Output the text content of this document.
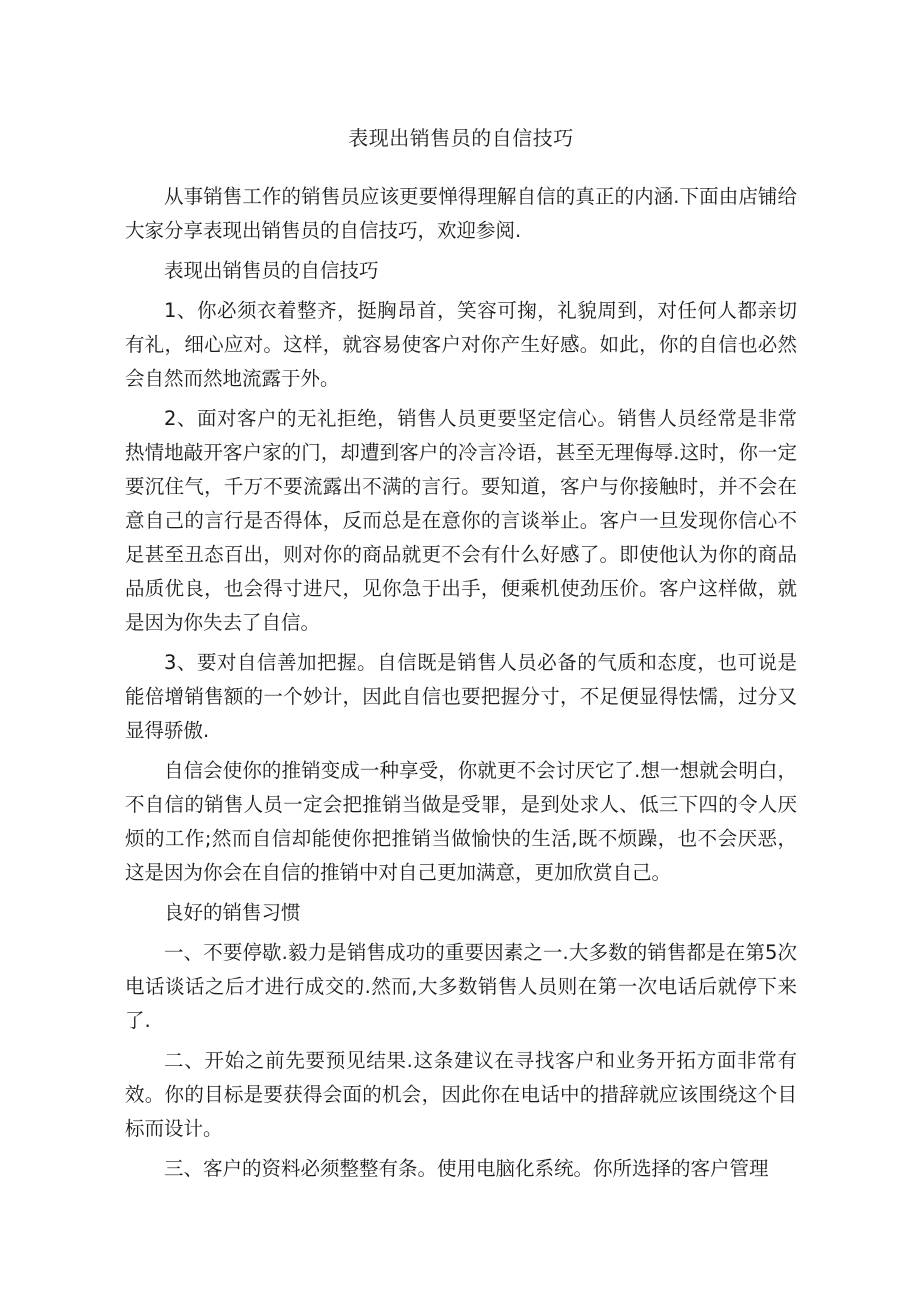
表现出销售员的自信技巧

从事销售工作的销售员应该更要惮得理解自信的真正的内涵.下面由店铺给大家分享表现出销售员的自信技巧，欢迎参阅.

表现出销售员的自信技巧

1、你必须衣着整齐，挺胸昂首，笑容可掬，礼貌周到，对任何人都亲切有礼，细心应对。这样，就容易使客户对你产生好感。如此，你的自信也必然会自然而然地流露于外。

2、面对客户的无礼拒绝，销售人员更要坚定信心。销售人员经常是非常热情地敲开客户家的门，却遭到客户的冷言冷语，甚至无理侮辱.这时，你一定要沉住气，千万不要流露出不满的言行。要知道，客户与你接触时，并不会在意自己的言行是否得体，反而总是在意你的言谈举止。客户一旦发现你信心不足甚至丑态百出，则对你的商品就更不会有什么好感了。即使他认为你的商品品质优良，也会得寸进尺，见你急于出手，便乘机使劲压价。客户这样做，就是因为你失去了自信。

3、要对自信善加把握。自信既是销售人员必备的气质和态度，也可说是能倍增销售额的一个妙计，因此自信也要把握分寸，不足便显得怯懦，过分又显得骄傲.

自信会使你的推销变成一种享受，你就更不会讨厌它了.想一想就会明白，不自信的销售人员一定会把推销当做是受罪，是到处求人、低三下四的令人厌烦的工作;然而自信却能使你把推销当做愉快的生活,既不烦躁，也不会厌恶，这是因为你会在自信的推销中对自己更加满意，更加欣赏自己。

良好的销售习惯

一、不要停歇.毅力是销售成功的重要因素之一.大多数的销售都是在第5次电话谈话之后才进行成交的.然而,大多数销售人员则在第一次电话后就停下来了.

二、开始之前先要预见结果.这条建议在寻找客户和业务开拓方面非常有效。你的目标是要获得会面的机会，因此你在电话中的措辞就应该围绕这个目标而设计。

三、客户的资料必须整整有条。使用电脑化系统。你所选择的客户管理
